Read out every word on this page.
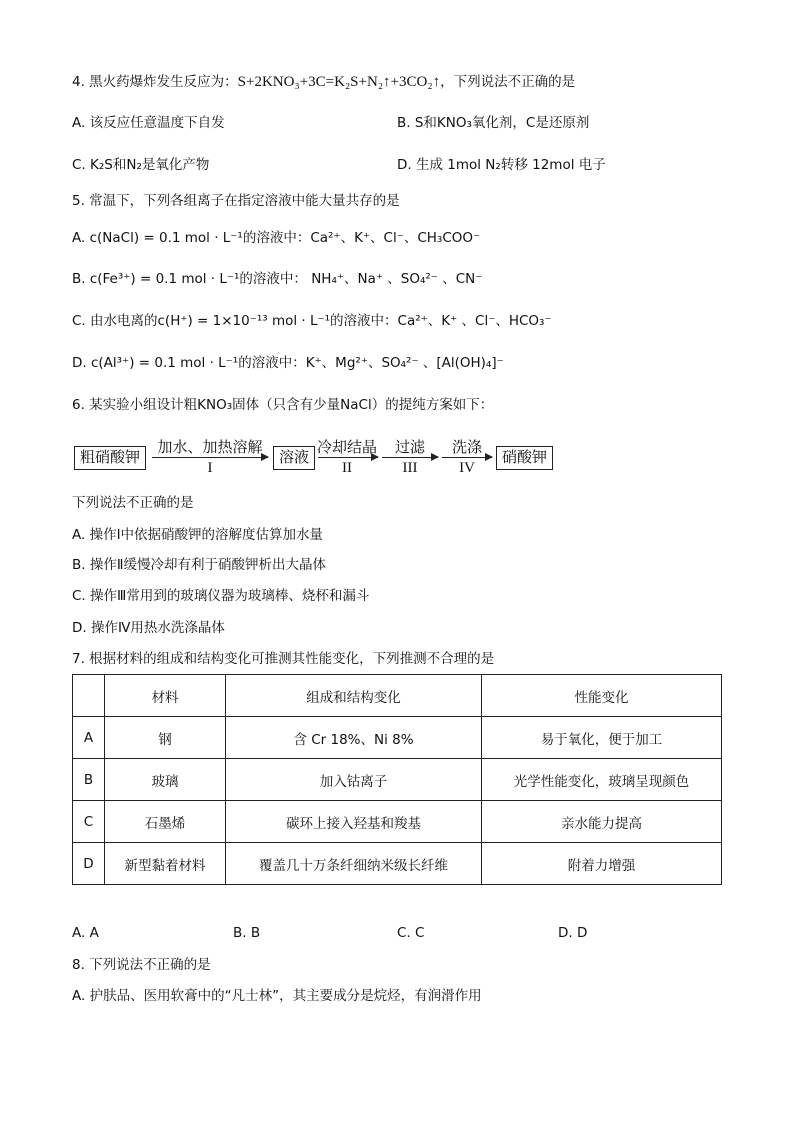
4. 黑火药爆炸发生反应为：S+2KNO₃+3C=K₂S+N₂↑+3CO₂↑，下列说法不正确的是
A. 该反应任意温度下自发	B. S和KNO₃氧化剂，C是还原剂
C. K₂S和N₂是氧化产物	D. 生成 1mol N₂转移 12mol 电子
5. 常温下，下列各组离子在指定溶液中能大量共存的是
A. c(NaCl) = 0.1 mol · L⁻¹的溶液中：Ca²⁺、K⁺、Cl⁻、CH₃COO⁻
B. c(Fe³⁺) = 0.1 mol · L⁻¹的溶液中： NH₄⁺、Na⁺ 、SO₄²⁻ 、CN⁻
C. 由水电离的c(H⁺) = 1×10⁻¹³ mol · L⁻¹的溶液中：Ca²⁺、K⁺ 、Cl⁻、HCO₃⁻
D. c(Al³⁺) = 0.1 mol · L⁻¹的溶液中：K⁺、Mg²⁺、SO₄²⁻ 、[Al(OH)₄]⁻
6. 某实验小组设计粗KNO₃固体（只含有少量NaCl）的提纯方案如下：
粗硝酸钾
加水、加热溶解
I
溶液
冷却结晶
II
过滤
III
洗涤
IV
硝酸钾
下列说法不正确的是
A. 操作Ⅰ中依据硝酸钾的溶解度估算加水量
B. 操作Ⅱ缓慢冷却有利于硝酸钾析出大晶体
C. 操作Ⅲ常用到的玻璃仪器为玻璃棒、烧杯和漏斗
D. 操作Ⅳ用热水洗涤晶体
7. 根据材料的组成和结构变化可推测其性能变化，下列推测不合理的是
	材料	组成和结构变化	性能变化
A	钢	含 Cr 18%、Ni 8%	易于氧化，便于加工
B	玻璃	加入钴离子	光学性能变化，玻璃呈现颜色
C	石墨烯	碳环上接入羟基和羧基	亲水能力提高
D	新型黏着材料	覆盖几十万条纤细纳米级长纤维	附着力增强
A. A	B. B	C. C	D. D
8. 下列说法不正确的是
A. 护肤品、医用软膏中的“凡士林”，其主要成分是烷烃，有润滑作用
